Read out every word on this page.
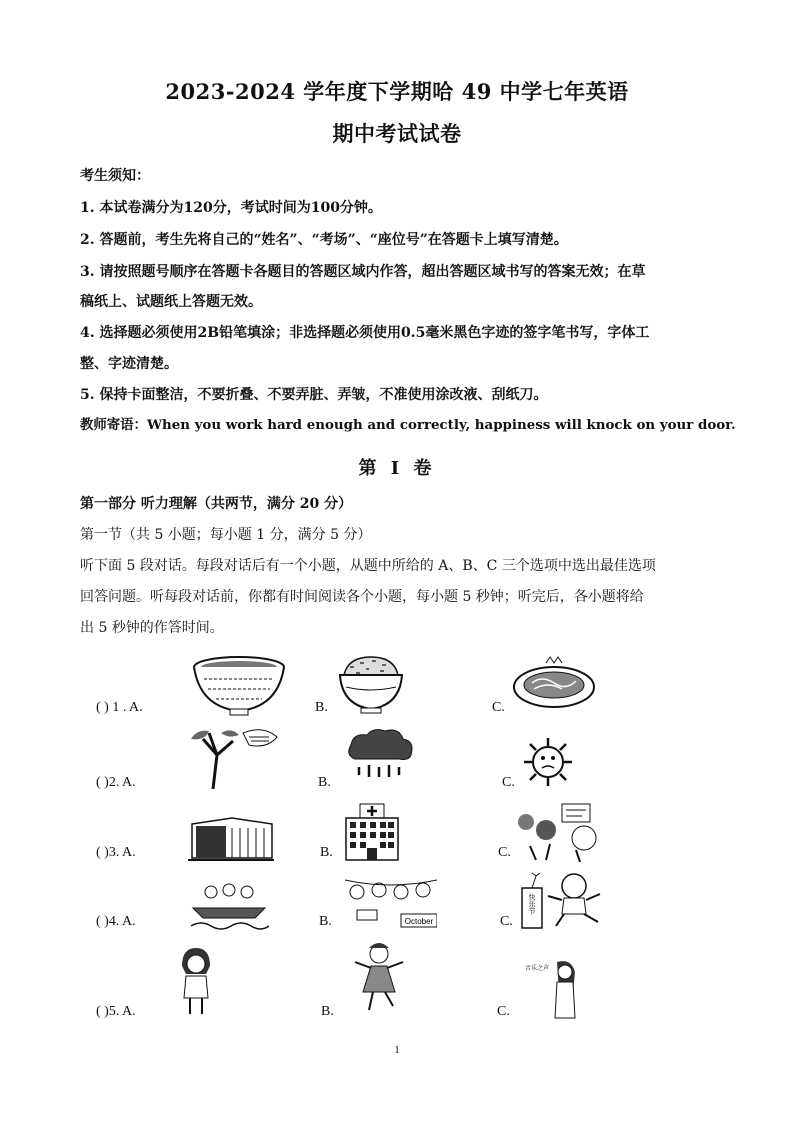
2023-2024 学年度下学期哈 49 中学七年英语
期中考试试卷
考生须知：
1. 本试卷满分为120分，考试时间为100分钟。
2. 答题前，考生先将自己的“姓名”、“考场”、“座位号”在答题卡上填写清楚。
3. 请按照题号顺序在答题卡各题目的答题区域内作答，超出答题区域书写的答案无效；在草
稿纸上、试题纸上答题无效。
4. 选择题必须使用2B铅笔填涂；非选择题必须使用0.5毫米黑色字迹的签字笔书写，字体工
整、字迹清楚。
5. 保持卡面整洁，不要折叠、不要弄脏、弄皱，不准使用涂改液、刮纸刀。
教师寄语：When you work hard enough and correctly, happiness will knock on your door.
第 I 卷
第一部分 听力理解（共两节，满分 20 分）
第一节（共 5 小题；每小题 1 分，满分 5 分）
听下面 5 段对话。每段对话后有一个小题，从题中所给的 A、B、C 三个选项中选出最佳选项
回答问题。听每段对话前，你都有时间阅读各个小题，每小题 5 秒钟；听完后，各小题将给
出 5 秒钟的作答时间。
( ) 1 . A.	B.	C.
( )2. A.	B.	C.
( )3. A.	B.	C.
( )4. A.	B.	C.
October
快乐节
( )5. A.	B.	C.
音乐之声
1
